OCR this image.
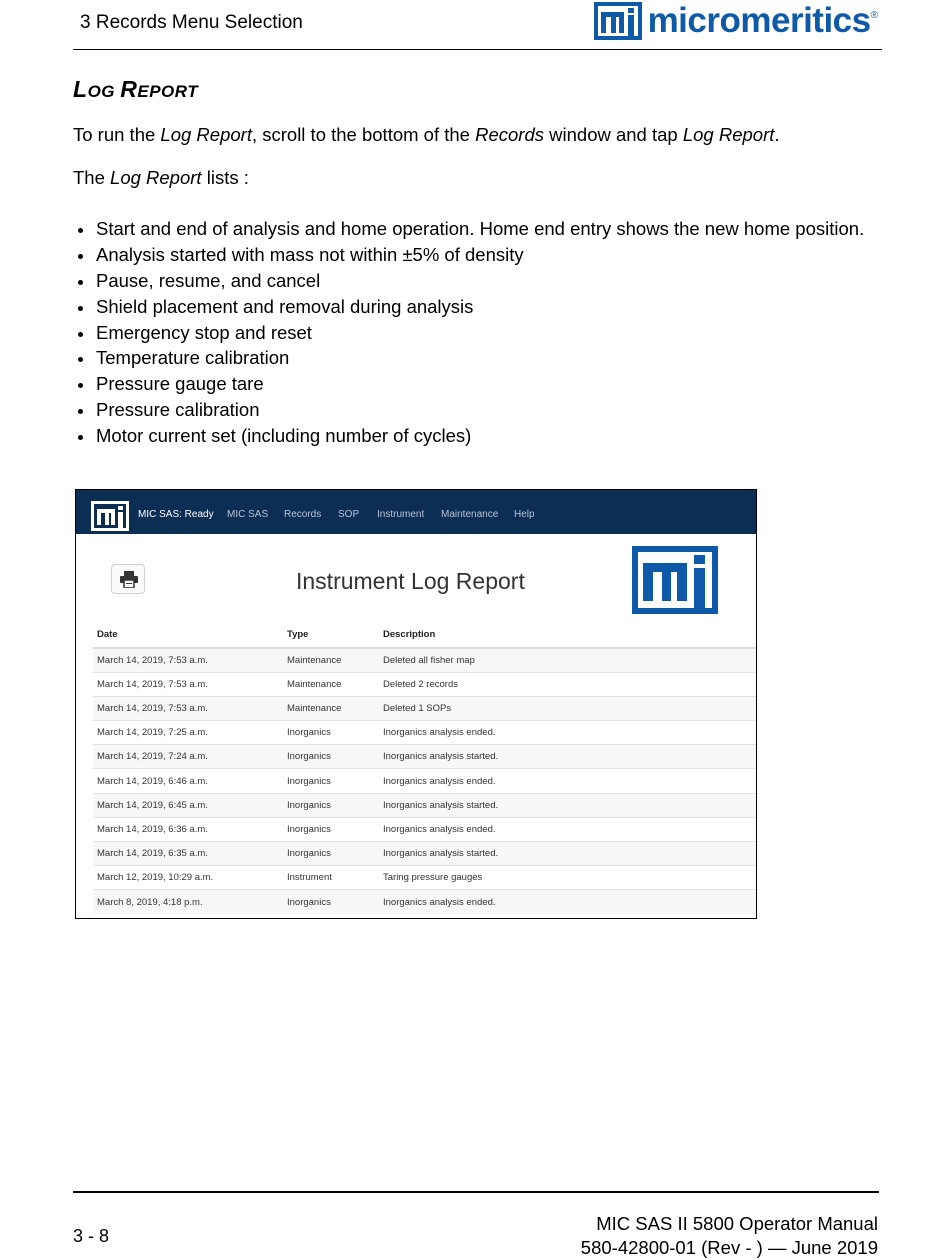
3 Records Menu Selection	micromeritics ®
LOG REPORT

To run the Log Report, scroll to the bottom of the Records window and tap Log Report.

The Log Report lists :

Start and end of analysis and home operation. Home end entry shows the new home position.
Analysis started with mass not within ±5% of density
Pause, resume, and cancel
Shield placement and removal during analysis
Emergency stop and reset
Temperature calibration
Pressure gauge tare
Pressure calibration
Motor current set (including number of cycles)
MIC SAS: Ready MIC SAS Records SOP Instrument Maintenance Help
Instrument Log Report
Date	Type	Description
March 14, 2019, 7:53 a.m.	Maintenance	Deleted all fisher map
March 14, 2019, 7:53 a.m.	Maintenance	Deleted 2 records
March 14, 2019, 7:53 a.m.	Maintenance	Deleted 1 SOPs
March 14, 2019, 7:25 a.m.	Inorganics	Inorganics analysis ended.
March 14, 2019, 7:24 a.m.	Inorganics	Inorganics analysis started.
March 14, 2019, 6:46 a.m.	Inorganics	Inorganics analysis ended.
March 14, 2019, 6:45 a.m.	Inorganics	Inorganics analysis started.
March 14, 2019, 6:36 a.m.	Inorganics	Inorganics analysis ended.
March 14, 2019, 6:35 a.m.	Inorganics	Inorganics analysis started.
March 12, 2019, 10:29 a.m.	Instrument	Taring pressure gauges
March 8, 2019, 4:18 p.m.	Inorganics	Inorganics analysis ended.
3 - 8
MIC SAS II 5800 Operator Manual
580-42800-01 (Rev - ) — June 2019
